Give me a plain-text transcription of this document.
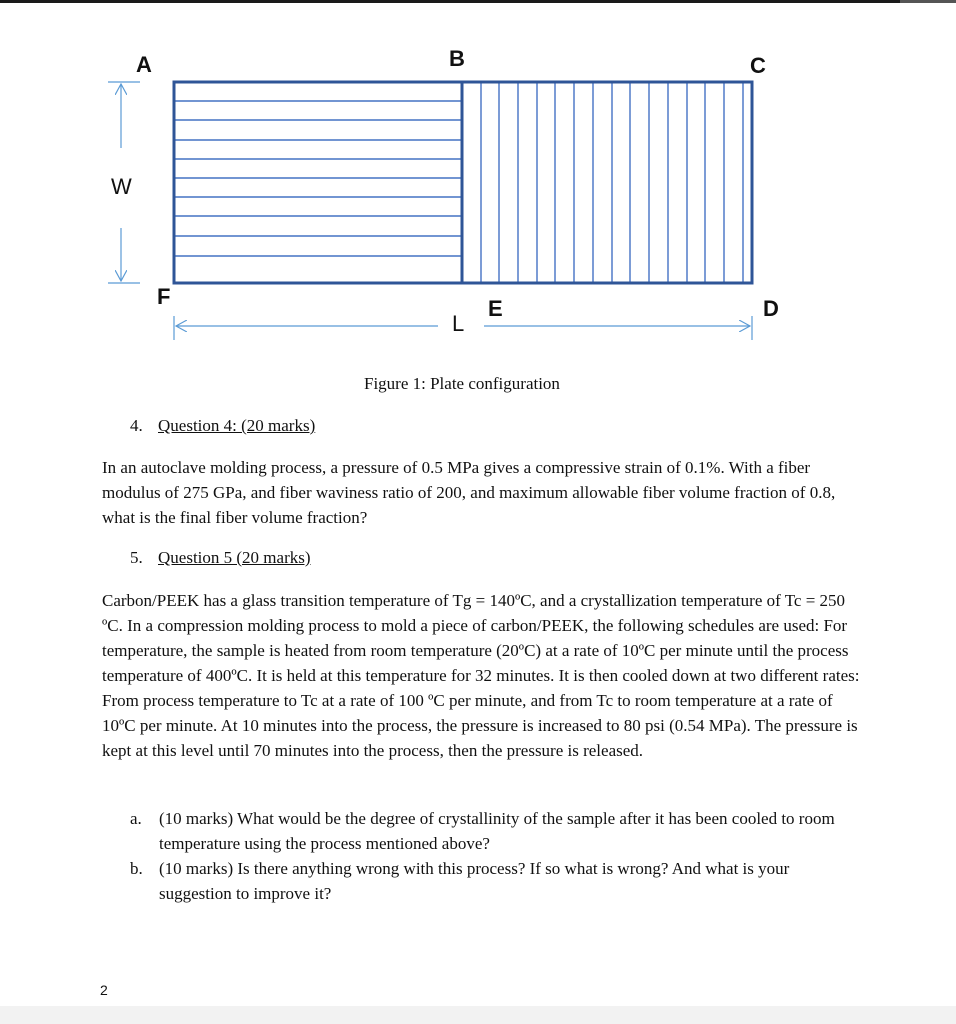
A	B	C
W
F
L
E	D
Figure 1: Plate configuration
4. Question 4: (20 marks)

In an autoclave molding process, a pressure of 0.5 MPa gives a compressive strain of 0.1%. With a fiber modulus of 275 GPa, and fiber waviness ratio of 200, and maximum allowable fiber volume fraction of 0.8, what is the final fiber volume fraction?

5. Question 5 (20 marks)

Carbon/PEEK has a glass transition temperature of Tg = 140ºC, and a crystallization temperature of Tc = 250 ºC. In a compression molding process to mold a piece of carbon/PEEK, the following schedules are used: For temperature, the sample is heated from room temperature (20ºC) at a rate of 10ºC per minute until the process temperature of 400ºC. It is held at this temperature for 32 minutes. It is then cooled down at two different rates: From process temperature to Tc at a rate of 100 ºC per minute, and from Tc to room temperature at a rate of 10ºC per minute. At 10 minutes into the process, the pressure is increased to 80 psi (0.54 MPa). The pressure is kept at this level until 70 minutes into the process, then the pressure is released.

a. (10 marks) What would be the degree of crystallinity of the sample after it has been cooled to room temperature using the process mentioned above?
b. (10 marks) Is there anything wrong with this process? If so what is wrong? And what is your suggestion to improve it?
2
